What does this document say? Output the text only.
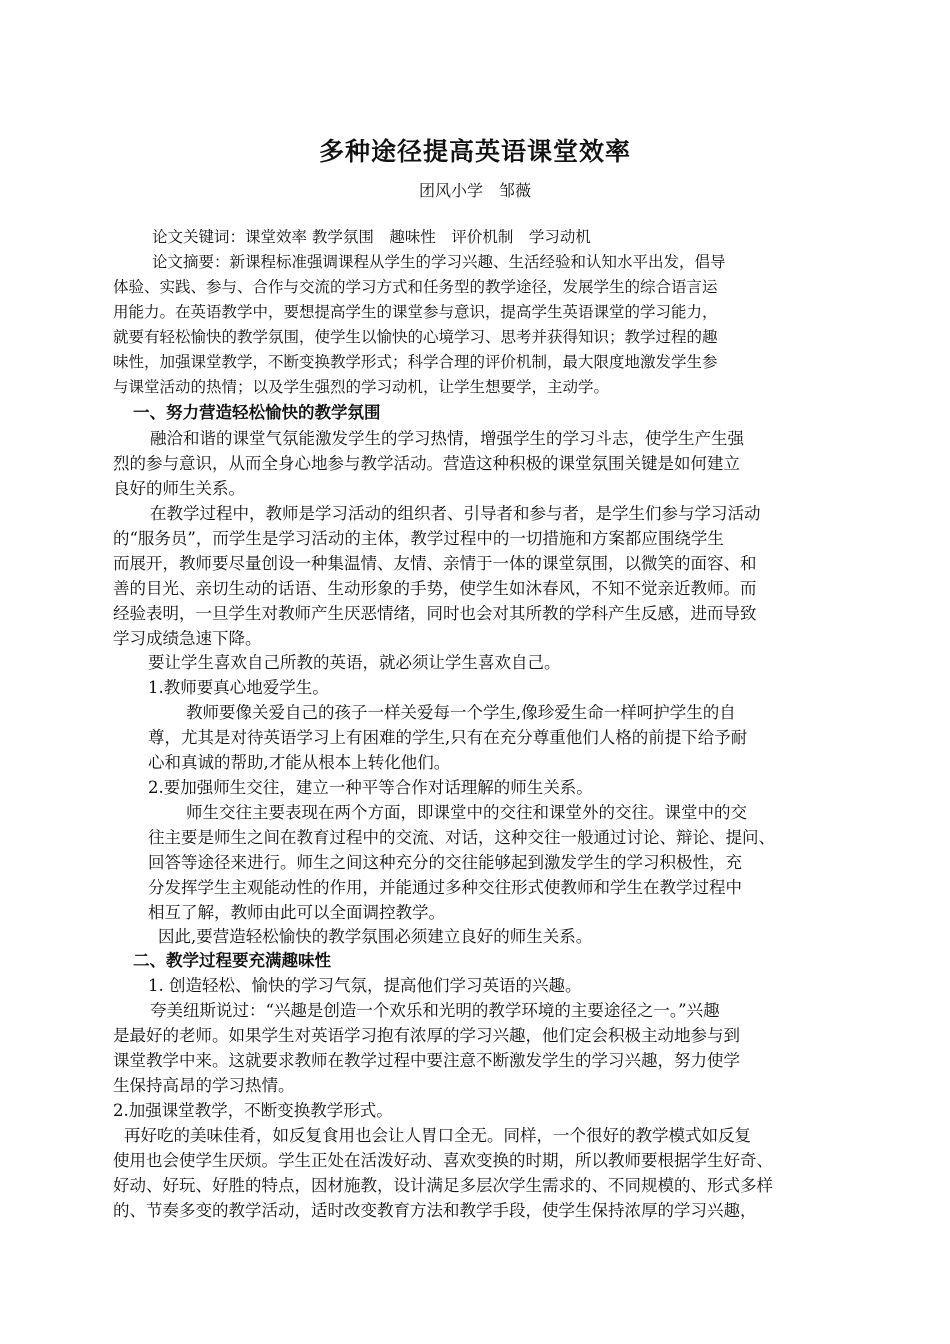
多种途径提高英语课堂效率
团风小学　邹薇
论文关键词：课堂效率 教学氛围　趣味性　评价机制　学习动机
论文摘要：新课程标准强调课程从学生的学习兴趣、生活经验和认知水平出发，倡导
体验、实践、参与、合作与交流的学习方式和任务型的教学途径，发展学生的综合语言运
用能力。在英语教学中，要想提高学生的课堂参与意识，提高学生英语课堂的学习能力，
就要有轻松愉快的教学氛围，使学生以愉快的心境学习、思考并获得知识；教学过程的趣
味性，加强课堂教学，不断变换教学形式；科学合理的评价机制，最大限度地激发学生参
与课堂活动的热情；以及学生强烈的学习动机，让学生想要学，主动学。
一、努力营造轻松愉快的教学氛围
融洽和谐的课堂气氛能激发学生的学习热情，增强学生的学习斗志，使学生产生强
烈的参与意识，从而全身心地参与教学活动。营造这种积极的课堂氛围关键是如何建立
良好的师生关系。
在教学过程中，教师是学习活动的组织者、引导者和参与者，是学生们参与学习活动
的“服务员”，而学生是学习活动的主体，教学过程中的一切措施和方案都应围绕学生
而展开，教师要尽量创设一种集温情、友情、亲情于一体的课堂氛围，以微笑的面容、和
善的目光、亲切生动的话语、生动形象的手势，使学生如沐春风，不知不觉亲近教师。而
经验表明，一旦学生对教师产生厌恶情绪，同时也会对其所教的学科产生反感，进而导致
学习成绩急速下降。
要让学生喜欢自己所教的英语，就必须让学生喜欢自己。
1.教师要真心地爱学生。
教师要像关爱自己的孩子一样关爱每一个学生,像珍爱生命一样呵护学生的自
尊，尤其是对待英语学习上有困难的学生,只有在充分尊重他们人格的前提下给予耐
心和真诚的帮助,才能从根本上转化他们。
2.要加强师生交往，建立一种平等合作对话理解的师生关系。
师生交往主要表现在两个方面，即课堂中的交往和课堂外的交往。课堂中的交
往主要是师生之间在教育过程中的交流、对话，这种交往一般通过讨论、辩论、提问、
回答等途径来进行。师生之间这种充分的交往能够起到激发学生的学习积极性，充
分发挥学生主观能动性的作用，并能通过多种交往形式使教师和学生在教学过程中
相互了解，教师由此可以全面调控教学。
因此,要营造轻松愉快的教学氛围必须建立良好的师生关系。
二、教学过程要充满趣味性
1. 创造轻松、愉快的学习气氛，提高他们学习英语的兴趣。
夸美纽斯说过：“兴趣是创造一个欢乐和光明的教学环境的主要途径之一。”兴趣
是最好的老师。如果学生对英语学习抱有浓厚的学习兴趣，他们定会积极主动地参与到
课堂教学中来。这就要求教师在教学过程中要注意不断激发学生的学习兴趣，努力使学
生保持高昂的学习热情。
2.加强课堂教学，不断变换教学形式。
再好吃的美味佳肴，如反复食用也会让人胃口全无。同样，一个很好的教学模式如反复
使用也会使学生厌烦。学生正处在活泼好动、喜欢变换的时期，所以教师要根据学生好奇、
好动、好玩、好胜的特点，因材施教，设计满足多层次学生需求的、不同规模的、形式多样
的、节奏多变的教学活动，适时改变教育方法和教学手段，使学生保持浓厚的学习兴趣，
